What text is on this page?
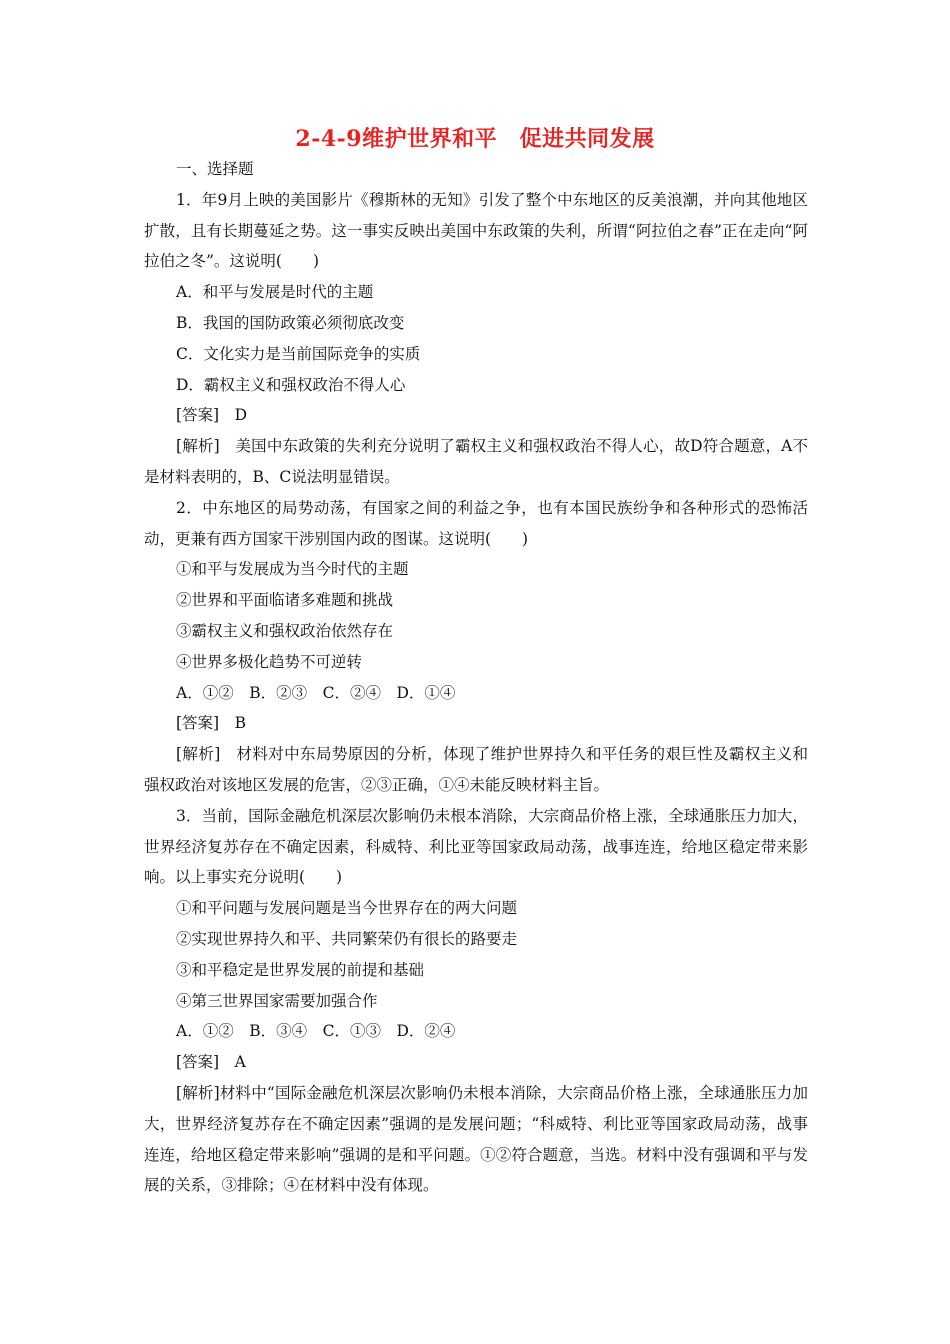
2-4-9维护世界和平　促进共同发展

一、选择题

1．年9月上映的美国影片《穆斯林的无知》引发了整个中东地区的反美浪潮，并向其他地区扩散，且有长期蔓延之势。这一事实反映出美国中东政策的失利，所谓“阿拉伯之春”正在走向“阿拉伯之冬”。这说明(　　)

A．和平与发展是时代的主题

B．我国的国防政策必须彻底改变

C．文化实力是当前国际竞争的实质

D．霸权主义和强权政治不得人心

[答案]　D

[解析]　美国中东政策的失利充分说明了霸权主义和强权政治不得人心，故D符合题意，A不是材料表明的，B、C说法明显错误。

2．中东地区的局势动荡，有国家之间的利益之争，也有本国民族纷争和各种形式的恐怖活动，更兼有西方国家干涉别国内政的图谋。这说明(　　)

①和平与发展成为当今时代的主题

②世界和平面临诸多难题和挑战

③霸权主义和强权政治依然存在

④世界多极化趋势不可逆转

A．①②　B．②③　C．②④　D．①④

[答案]　B

[解析]　材料对中东局势原因的分析，体现了维护世界持久和平任务的艰巨性及霸权主义和强权政治对该地区发展的危害，②③正确，①④未能反映材料主旨。

3．当前，国际金融危机深层次影响仍未根本消除，大宗商品价格上涨，全球通胀压力加大，世界经济复苏存在不确定因素，科威特、利比亚等国家政局动荡，战事连连，给地区稳定带来影响。以上事实充分说明(　　)

①和平问题与发展问题是当今世界存在的两大问题

②实现世界持久和平、共同繁荣仍有很长的路要走

③和平稳定是世界发展的前提和基础

④第三世界国家需要加强合作

A．①②　B．③④　C．①③　D．②④

[答案]　A

[解析]材料中“国际金融危机深层次影响仍未根本消除，大宗商品价格上涨，全球通胀压力加大，世界经济复苏存在不确定因素”强调的是发展问题；“科威特、利比亚等国家政局动荡，战事连连，给地区稳定带来影响”强调的是和平问题。①②符合题意，当选。材料中没有强调和平与发展的关系，③排除；④在材料中没有体现。
